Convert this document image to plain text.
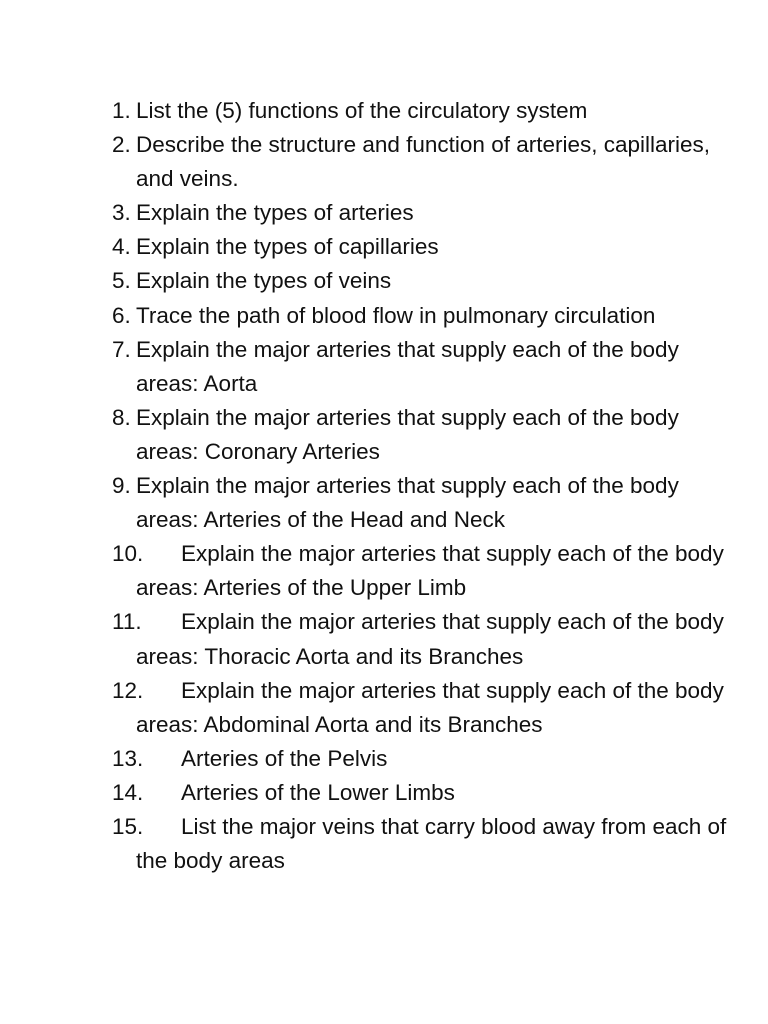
1. List the (5) functions of the circulatory system
2. Describe the structure and function of arteries, capillaries, and veins.
3. Explain the types of arteries
4. Explain the types of capillaries
5. Explain the types of veins
6. Trace the path of blood flow in pulmonary circulation
7. Explain the major arteries that supply each of the body areas: Aorta
8. Explain the major arteries that supply each of the body areas: Coronary Arteries
9. Explain the major arteries that supply each of the body areas: Arteries of the Head and Neck
10.	Explain the major arteries that supply each of the body areas: Arteries of the Upper Limb
11.	Explain the major arteries that supply each of the body areas: Thoracic Aorta and its Branches
12.	Explain the major arteries that supply each of the body areas: Abdominal Aorta and its Branches
13.	Arteries of the Pelvis
14.	Arteries of the Lower Limbs
15.	List the major veins that carry blood away from each of the body areas
